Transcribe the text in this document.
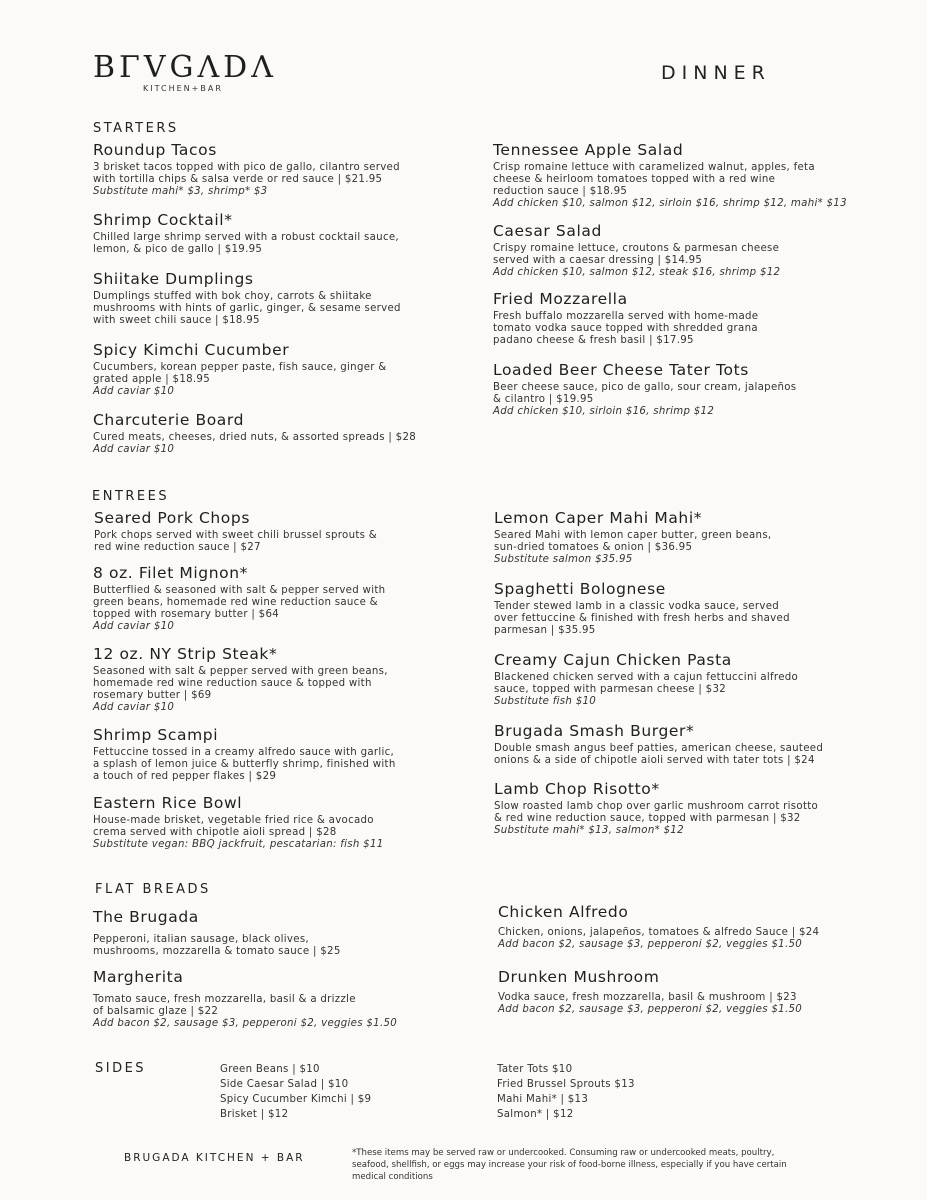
BΓVGΛDΛ
KITCHEN+BAR
DINNER
STARTERS

Roundup Tacos

3 brisket tacos topped with pico de gallo, cilantro served
with tortilla chips & salsa verde or red sauce | $21.95

Substitute mahi* $3, shrimp* $3

Shrimp Cocktail*

Chilled large shrimp served with a robust cocktail sauce,
lemon, & pico de gallo | $19.95

Shiitake Dumplings

Dumplings stuffed with bok choy, carrots & shiitake
mushrooms with hints of garlic, ginger, & sesame served
with sweet chili sauce | $18.95

Spicy Kimchi Cucumber

Cucumbers, korean pepper paste, fish sauce, ginger &
grated apple | $18.95

Add caviar $10

Charcuterie Board

Cured meats, cheeses, dried nuts, & assorted spreads | $28

Add caviar $10

Tennessee Apple Salad

Crisp romaine lettuce with caramelized walnut, apples, feta
cheese & heirloom tomatoes topped with a red wine
reduction sauce | $18.95

Add chicken $10, salmon $12, sirloin $16, shrimp $12, mahi* $13

Caesar Salad

Crispy romaine lettuce, croutons & parmesan cheese
served with a caesar dressing | $14.95

Add chicken $10, salmon $12, steak $16, shrimp $12

Fried Mozzarella

Fresh buffalo mozzarella served with home-made
tomato vodka sauce topped with shredded grana
padano cheese & fresh basil | $17.95

Loaded Beer Cheese Tater Tots

Beer cheese sauce, pico de gallo, sour cream, jalapeños
& cilantro | $19.95

Add chicken $10, sirloin $16, shrimp $12

ENTREES

Seared Pork Chops

Pork chops served with sweet chili brussel sprouts &
red wine reduction sauce | $27

8 oz. Filet Mignon*

Butterflied & seasoned with salt & pepper served with
green beans, homemade red wine reduction sauce &
topped with rosemary butter | $64

Add caviar $10

12 oz. NY Strip Steak*

Seasoned with salt & pepper served with green beans,
homemade red wine reduction sauce & topped with
rosemary butter | $69

Add caviar $10

Shrimp Scampi

Fettuccine tossed in a creamy alfredo sauce with garlic,
a splash of lemon juice & butterfly shrimp, finished with
a touch of red pepper flakes | $29

Eastern Rice Bowl

House-made brisket, vegetable fried rice & avocado
crema served with chipotle aioli spread | $28

Substitute vegan: BBQ jackfruit, pescatarian: fish $11

Lemon Caper Mahi Mahi*

Seared Mahi with lemon caper butter, green beans,
sun-dried tomatoes & onion | $36.95

Substitute salmon $35.95

Spaghetti Bolognese

Tender stewed lamb in a classic vodka sauce, served
over fettuccine & finished with fresh herbs and shaved
parmesan | $35.95

Creamy Cajun Chicken Pasta

Blackened chicken served with a cajun fettuccini alfredo
sauce, topped with parmesan cheese | $32

Substitute fish $10

Brugada Smash Burger*

Double smash angus beef patties, american cheese, sauteed
onions & a side of chipotle aioli served with tater tots | $24

Lamb Chop Risotto*

Slow roasted lamb chop over garlic mushroom carrot risotto
& red wine reduction sauce, topped with parmesan | $32

Substitute mahi* $13, salmon* $12

FLAT BREADS

The Brugada

Pepperoni, italian sausage, black olives,
mushrooms, mozzarella & tomato sauce | $25

Margherita

Tomato sauce, fresh mozzarella, basil & a drizzle
of balsamic glaze | $22

Add bacon $2, sausage $3, pepperoni $2, veggies $1.50

Chicken Alfredo

Chicken, onions, jalapeños, tomatoes & alfredo Sauce | $24

Add bacon $2, sausage $3, pepperoni $2, veggies $1.50

Drunken Mushroom

Vodka sauce, fresh mozzarella, basil & mushroom | $23

Add bacon $2, sausage $3, pepperoni $2, veggies $1.50

SIDES	Green Beans | $10
Side Caesar Salad | $10
Spicy Cucumber Kimchi | $9
Brisket | $12
Tater Tots $10
Fried Brussel Sprouts $13
Mahi Mahi* | $13
Salmon* | $12
BRUGADA KITCHEN + BAR	*These items may be served raw or undercooked. Consuming raw or undercooked meats, poultry, seafood, shellfish, or eggs may increase your risk of food-borne illness, especially if you have certain medical conditions
